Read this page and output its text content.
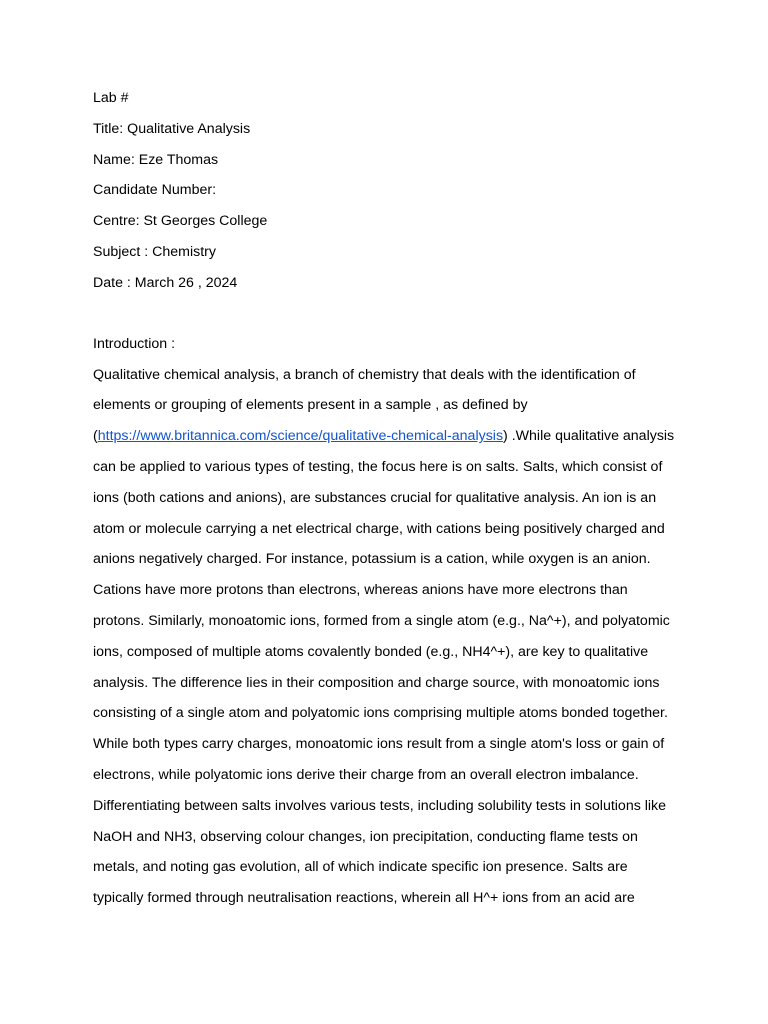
Lab #
Title: Qualitative Analysis
Name: Eze Thomas
Candidate Number:
Centre: St Georges College
Subject : Chemistry
Date : March 26 , 2024
Introduction :
Qualitative chemical analysis, a branch of chemistry that deals with the identification of
elements or grouping of elements present in a sample , as defined by
(https://www.britannica.com/science/qualitative-chemical-analysis) .While qualitative analysis
can be applied to various types of testing, the focus here is on salts. Salts, which consist of
ions (both cations and anions), are substances crucial for qualitative analysis. An ion is an
atom or molecule carrying a net electrical charge, with cations being positively charged and
anions negatively charged. For instance, potassium is a cation, while oxygen is an anion.
Cations have more protons than electrons, whereas anions have more electrons than
protons. Similarly, monoatomic ions, formed from a single atom (e.g., Na^+), and polyatomic
ions, composed of multiple atoms covalently bonded (e.g., NH4^+), are key to qualitative
analysis. The difference lies in their composition and charge source, with monoatomic ions
consisting of a single atom and polyatomic ions comprising multiple atoms bonded together.
While both types carry charges, monoatomic ions result from a single atom's loss or gain of
electrons, while polyatomic ions derive their charge from an overall electron imbalance.
Differentiating between salts involves various tests, including solubility tests in solutions like
NaOH and NH3, observing colour changes, ion precipitation, conducting flame tests on
metals, and noting gas evolution, all of which indicate specific ion presence. Salts are
typically formed through neutralisation reactions, wherein all H^+ ions from an acid are
